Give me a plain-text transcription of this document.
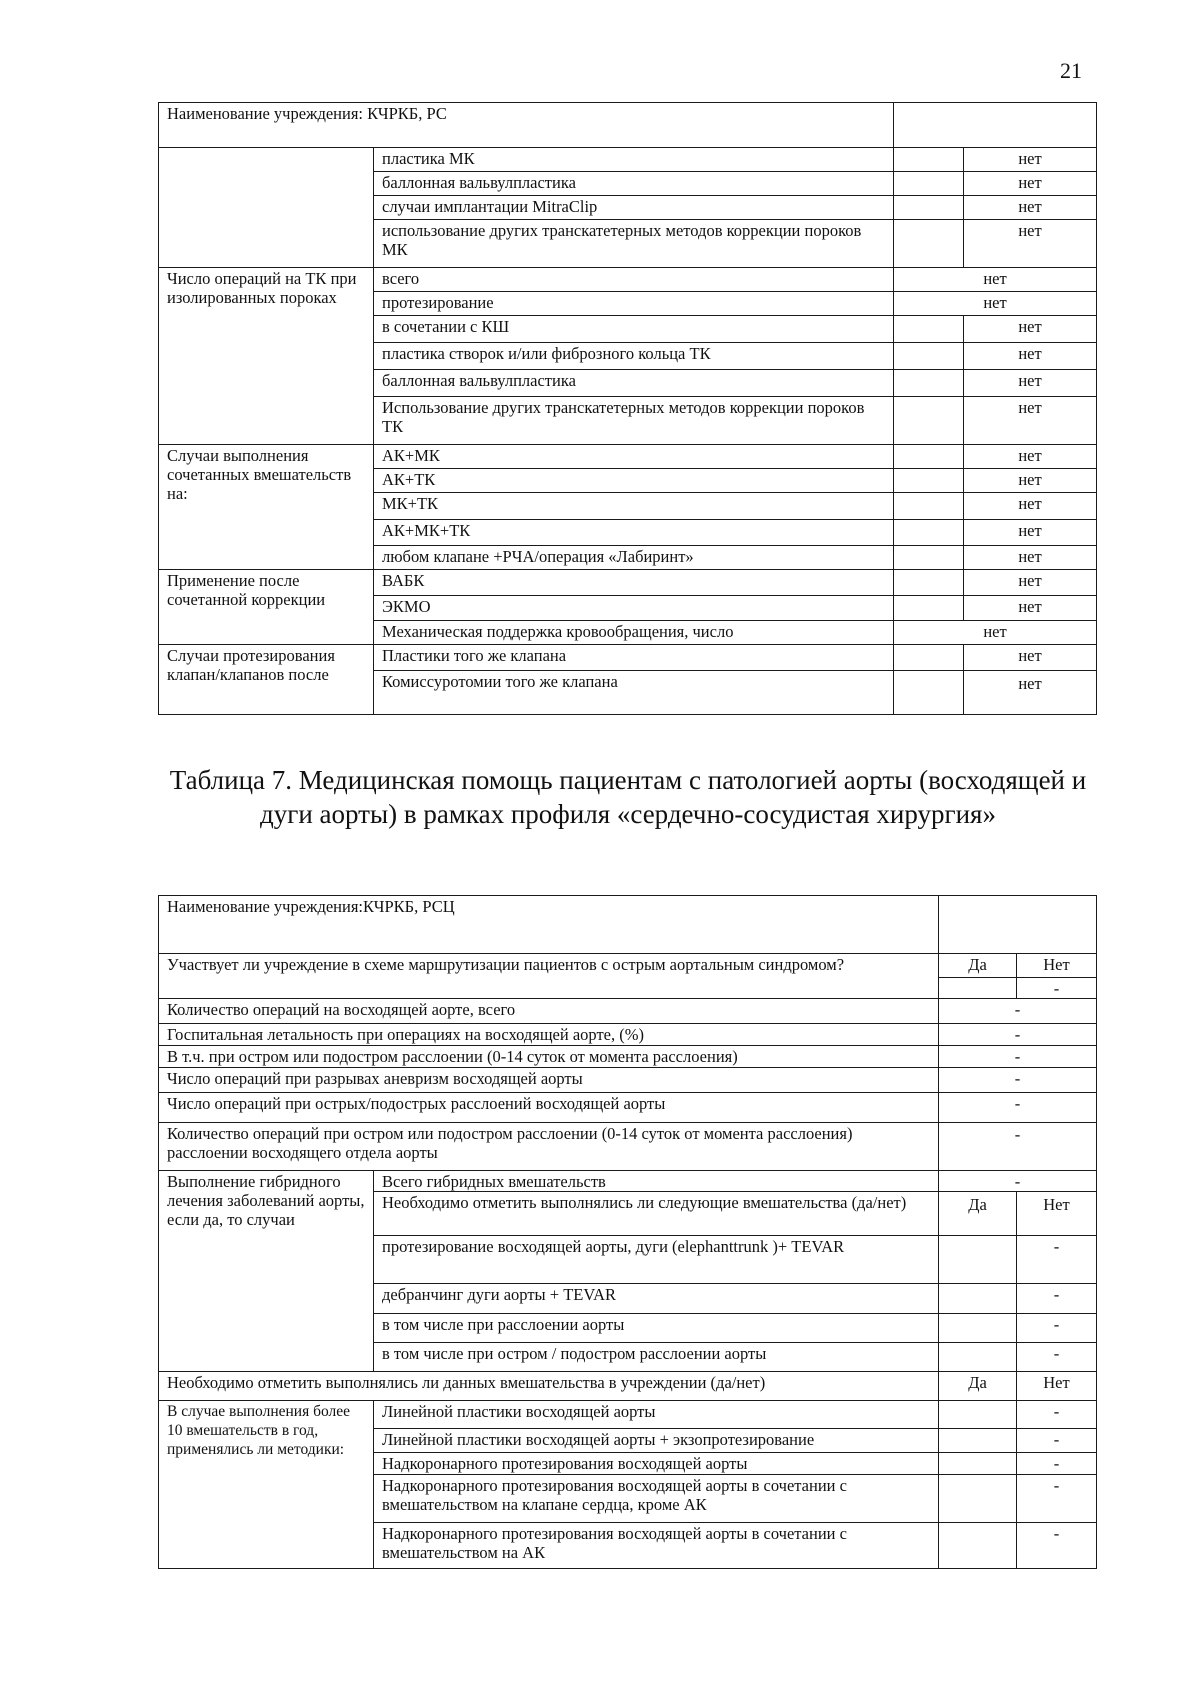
21
Наименование учреждения: КЧРКБ, РС			
	пластика МК		нет
	баллонная вальвулпластика		нет
	случаи имплантации MitraClip		нет
	использование других транскатетерных методов коррекции пороков МК		нет
Число операций на ТК при изолированных пороках	всего	нет	
	протезирование	нет	
	в сочетании с КШ		нет
	пластика створок и/или фиброзного кольца ТК		нет
	баллонная вальвулпластика		нет
	Использование других транскатетерных методов коррекции пороков ТК		нет
Случаи выполнения сочетанных вмешательств на:	АК+МК		нет
	АК+ТК		нет
	МК+ТК		нет
	АК+МК+ТК		нет
	любом клапане +РЧА/операция «Лабиринт»		нет
Применение после сочетанной коррекции	ВАБК		нет
	ЭКМО		нет
	Механическая поддержка кровообращения, число	нет	
Случаи протезирования клапан/клапанов после	Пластики того же клапана		нет
	Комиссуротомии того же клапана		нет
Таблица 7. Медицинская помощь пациентам с патологией аорты (восходящей и дуги аорты) в рамках профиля «сердечно-сосудистая хирургия»
Наименование учреждения:КЧРКБ, РСЦ			
Участвует ли учреждение в схеме маршрутизации пациентов с острым аортальным синдромом?		Да	Нет
			-
Количество операций на восходящей аорте, всего		-	
Госпитальная летальность при операциях на восходящей аорте, (%)		-	
В т.ч. при остром или подостром расслоении (0-14 суток от момента расслоения)		-	
Число операций при разрывах аневризм восходящей аорты		-	
Число операций при острых/подострых расслоений восходящей аорты		-	
Количество операций при остром или подостром расслоении (0-14 суток от момента расслоения) расслоении восходящего отдела аорты		-	
Выполнение гибридного лечения заболеваний аорты, если да, то случаи	Всего гибридных вмешательств	-	
	Необходимо отметить выполнялись ли следующие вмешательства (да/нет)	Да	Нет
	протезирование восходящей аорты, дуги (elephanttrunk )+ TEVAR		-
	дебранчинг дуги аорты + TEVAR		-
	в том числе при расслоении аорты		-
	в том числе при остром / подостром расслоении аорты		-
Необходимо отметить выполнялись ли данных вмешательства в учреждении (да/нет)		Да	Нет
В случае выполнения более 10 вмешательств в год, применялись ли методики:	Линейной пластики восходящей аорты		-
	Линейной пластики восходящей аорты + экзопротезирование		-
	Надкоронарного протезирования восходящей аорты		-
	Надкоронарного протезирования восходящей аорты в сочетании с вмешательством на клапане сердца, кроме АК		-
	Надкоронарного протезирования восходящей аорты в сочетании с вмешательством на АК		-
